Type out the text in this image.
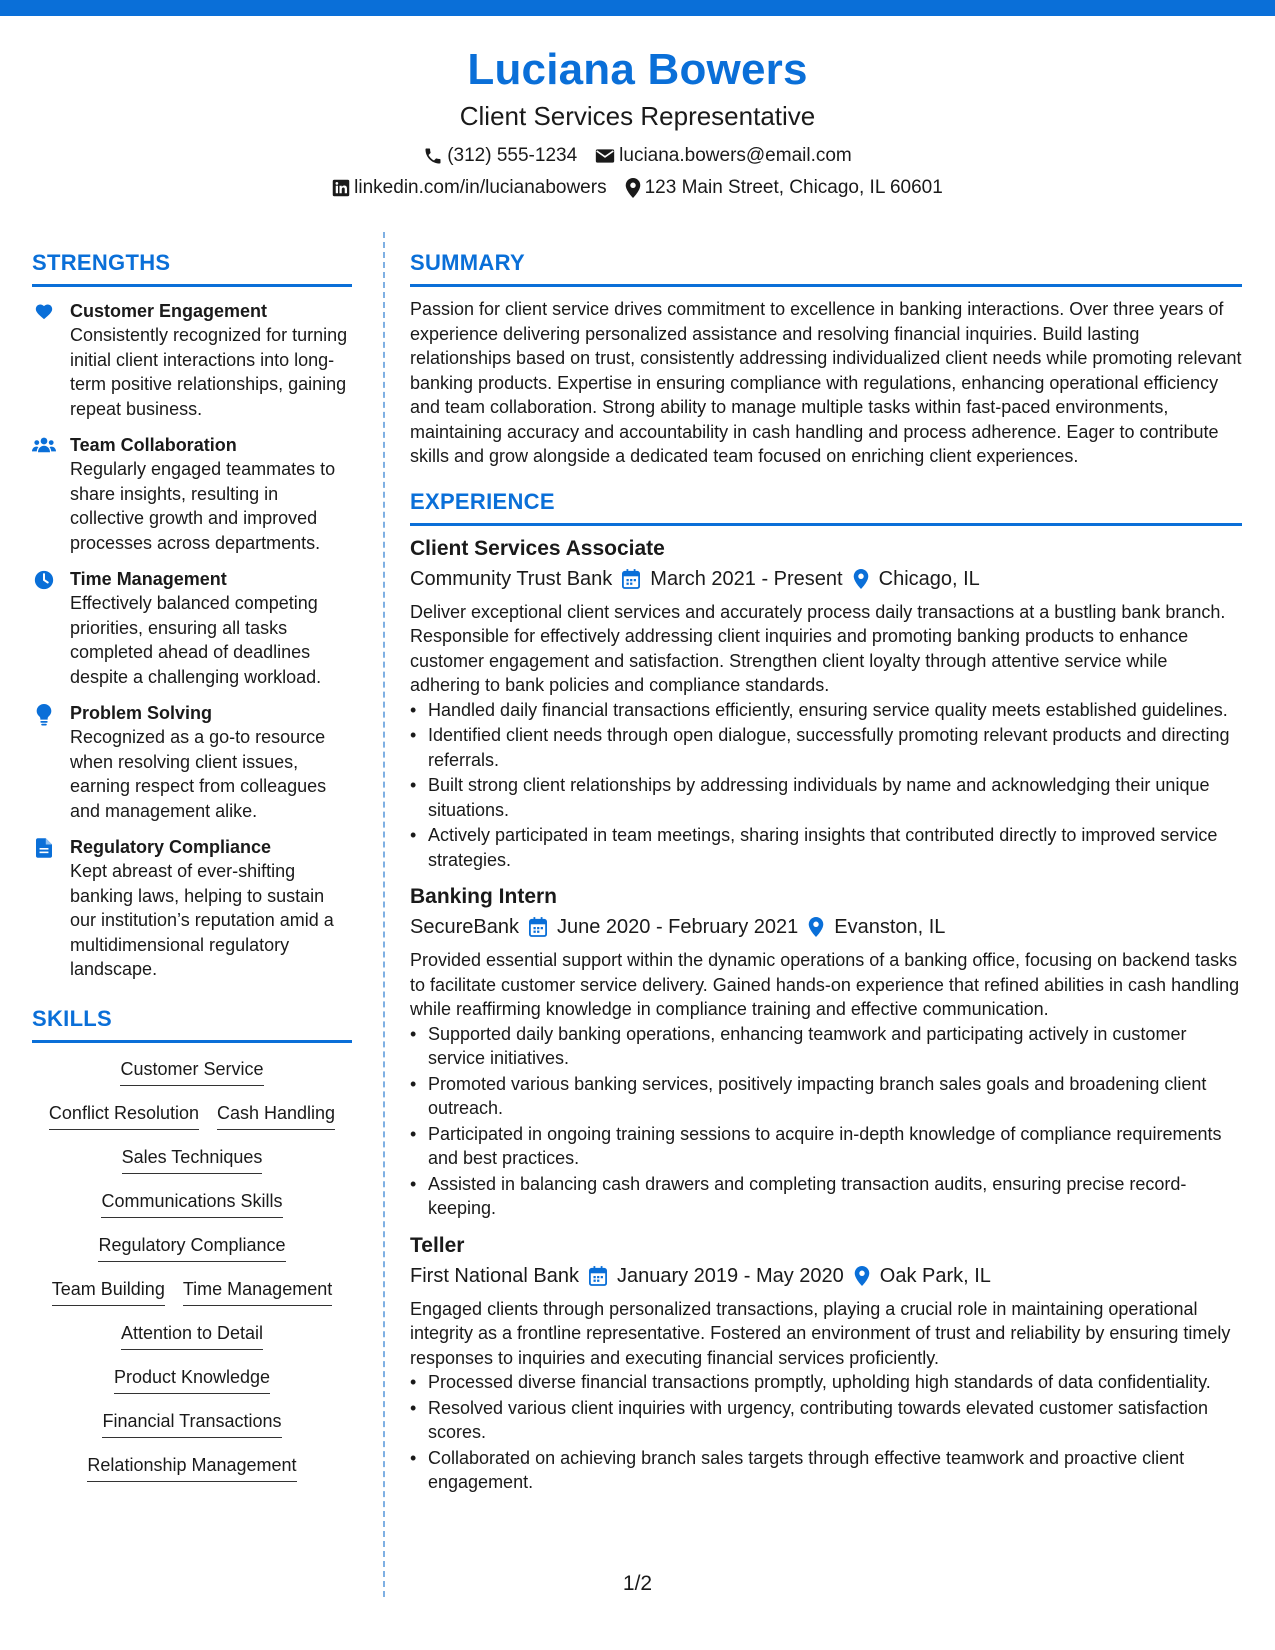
Luciana Bowers
Client Services Representative
(312) 555-1234 luciana.bowers@email.com
linkedin.com/in/lucianabowers 123 Main Street, Chicago, IL 60601
STRENGTHS
Customer Engagement
Consistently recognized for turning initial client interactions into long-term positive relationships, gaining repeat business.
Team Collaboration
Regularly engaged teammates to share insights, resulting in collective growth and improved processes across departments.
Time Management
Effectively balanced competing priorities, ensuring all tasks completed ahead of deadlines despite a challenging workload.
Problem Solving
Recognized as a go-to resource when resolving client issues, earning respect from colleagues and management alike.
Regulatory Compliance
Kept abreast of ever-shifting banking laws, helping to sustain our institution’s reputation amid a multidimensional regulatory landscape.
SKILLS
Customer Service
Conflict Resolution Cash Handling
Sales Techniques
Communications Skills
Regulatory Compliance
Team Building Time Management
Attention to Detail
Product Knowledge
Financial Transactions
Relationship Management
SUMMARY
Passion for client service drives commitment to excellence in banking interactions. Over three years of experience delivering personalized assistance and resolving financial inquiries. Build lasting relationships based on trust, consistently addressing individualized client needs while promoting relevant banking products. Expertise in ensuring compliance with regulations, enhancing operational efficiency and team collaboration. Strong ability to manage multiple tasks within fast-paced environments, maintaining accuracy and accountability in cash handling and process adherence. Eager to contribute skills and grow alongside a dedicated team focused on enriching client experiences.
EXPERIENCE
Client Services Associate
Community Trust Bank March 2021 - Present Chicago, IL
Deliver exceptional client services and accurately process daily transactions at a bustling bank branch. Responsible for effectively addressing client inquiries and promoting banking products to enhance customer engagement and satisfaction. Strengthen client loyalty through attentive service while adhering to bank policies and compliance standards.
• Handled daily financial transactions efficiently, ensuring service quality meets established guidelines.
• Identified client needs through open dialogue, successfully promoting relevant products and directing referrals.
• Built strong client relationships by addressing individuals by name and acknowledging their unique situations.
• Actively participated in team meetings, sharing insights that contributed directly to improved service strategies.
Banking Intern
SecureBank June 2020 - February 2021 Evanston, IL
Provided essential support within the dynamic operations of a banking office, focusing on backend tasks to facilitate customer service delivery. Gained hands-on experience that refined abilities in cash handling while reaffirming knowledge in compliance training and effective communication.
• Supported daily banking operations, enhancing teamwork and participating actively in customer service initiatives.
• Promoted various banking services, positively impacting branch sales goals and broadening client outreach.
• Participated in ongoing training sessions to acquire in-depth knowledge of compliance requirements and best practices.
• Assisted in balancing cash drawers and completing transaction audits, ensuring precise record-keeping.
Teller
First National Bank January 2019 - May 2020 Oak Park, IL
Engaged clients through personalized transactions, playing a crucial role in maintaining operational integrity as a frontline representative. Fostered an environment of trust and reliability by ensuring timely responses to inquiries and executing financial services proficiently.
• Processed diverse financial transactions promptly, upholding high standards of data confidentiality.
• Resolved various client inquiries with urgency, contributing towards elevated customer satisfaction scores.
• Collaborated on achieving branch sales targets through effective teamwork and proactive client engagement.
1/2
